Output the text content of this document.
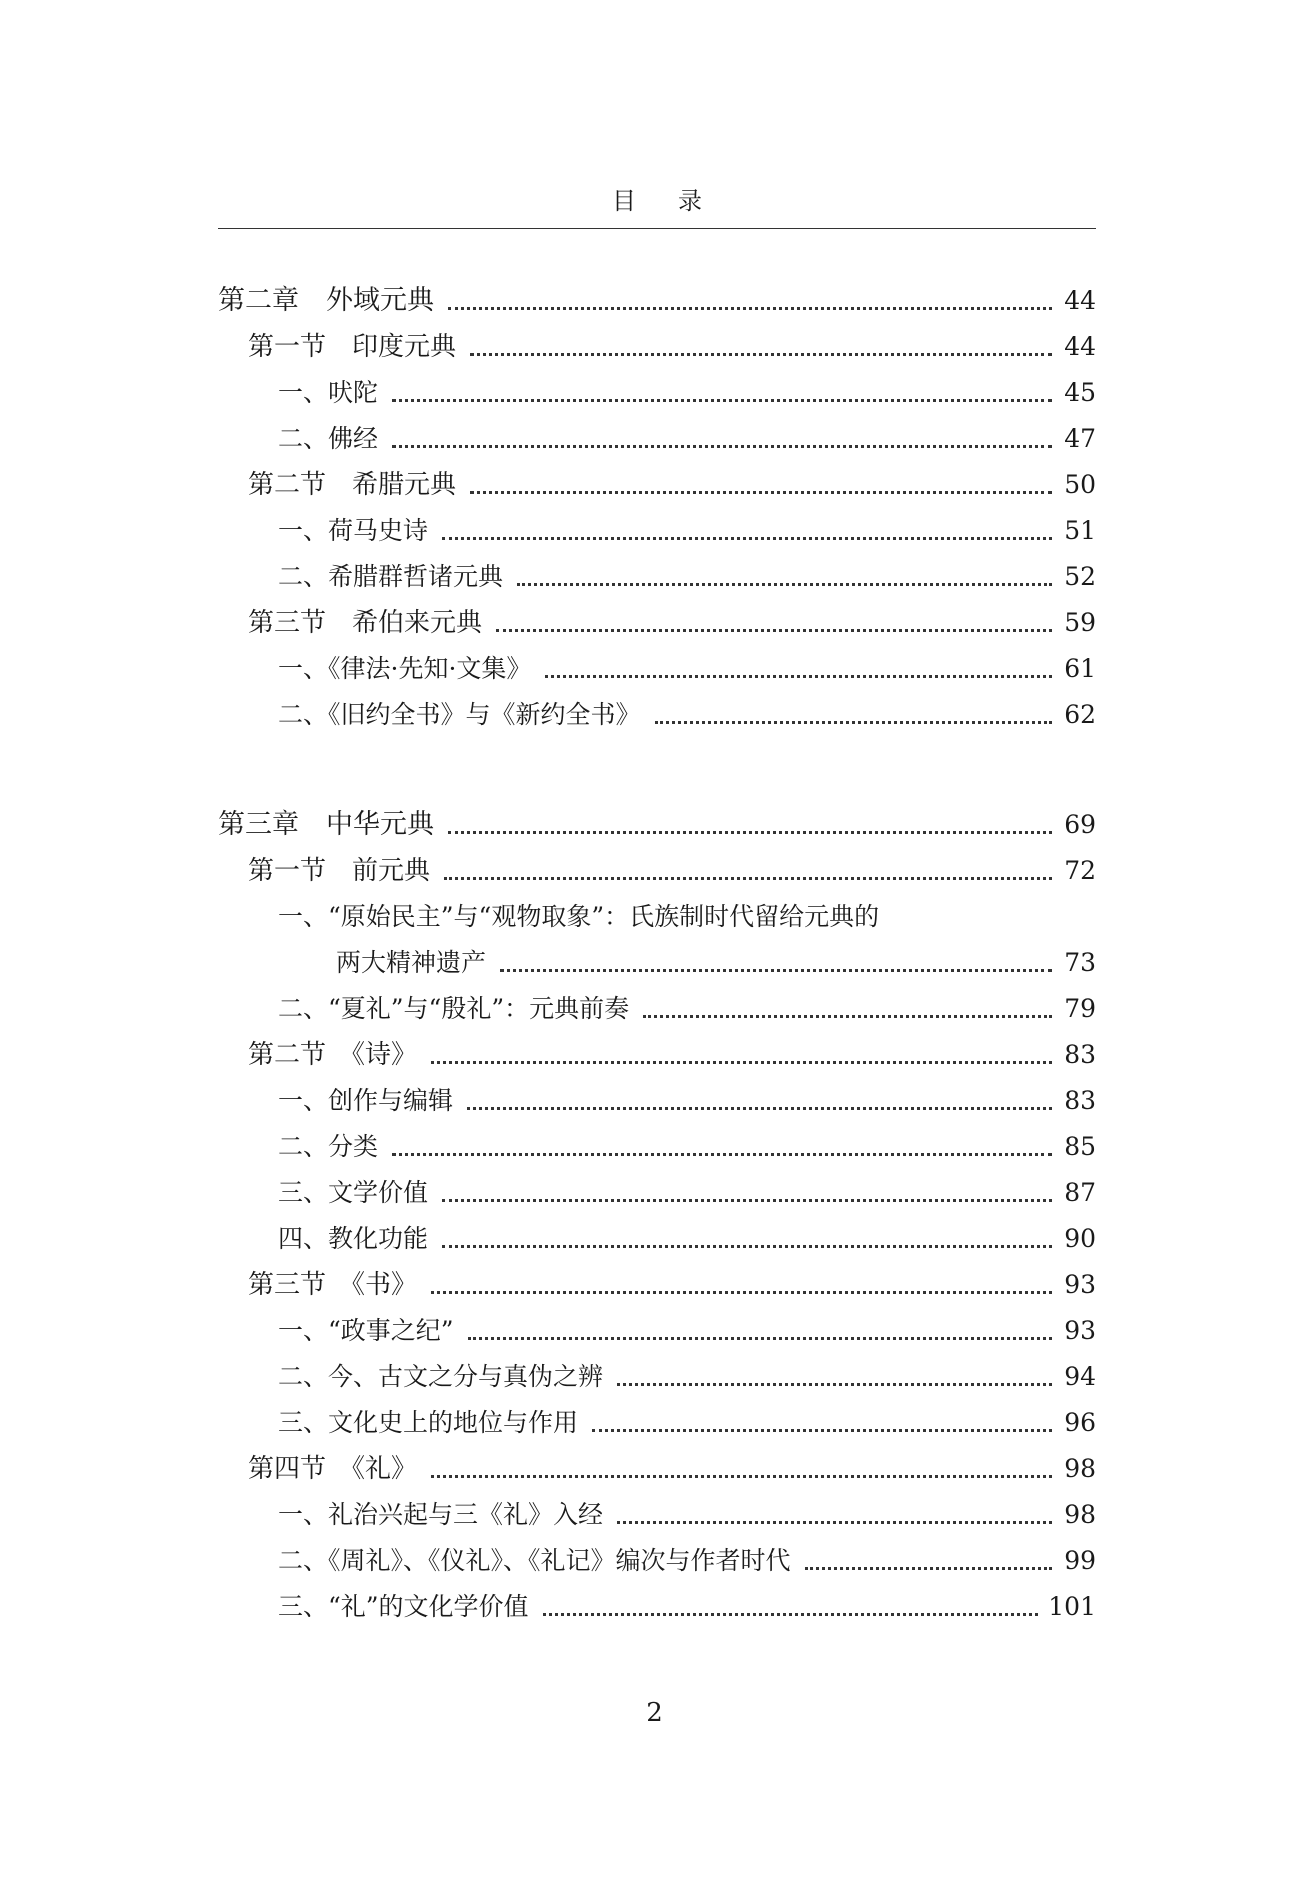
目录
第二章　外域元典	44
第一节　印度元典	44
一、吠陀	45
二、佛经	47
第二节　希腊元典	50
一、荷马史诗	51
二、希腊群哲诸元典	52
第三节　希伯来元典	59
一、《律法·先知·文集》	61
二、《旧约全书》与《新约全书》	62
第三章　中华元典	69
第一节　前元典	72
一、“原始民主”与“观物取象”：氏族制时代留给元典的
两大精神遗产	73
二、“夏礼”与“殷礼”：元典前奏	79
第二节　《诗》	83
一、创作与编辑	83
二、分类	85
三、文学价值	87
四、教化功能	90
第三节　《书》	93
一、“政事之纪”	93
二、今、古文之分与真伪之辨	94
三、文化史上的地位与作用	96
第四节　《礼》	98
一、礼治兴起与三《礼》入经	98
二、《周礼》、《仪礼》、《礼记》编次与作者时代	99
三、“礼”的文化学价值	101
2
